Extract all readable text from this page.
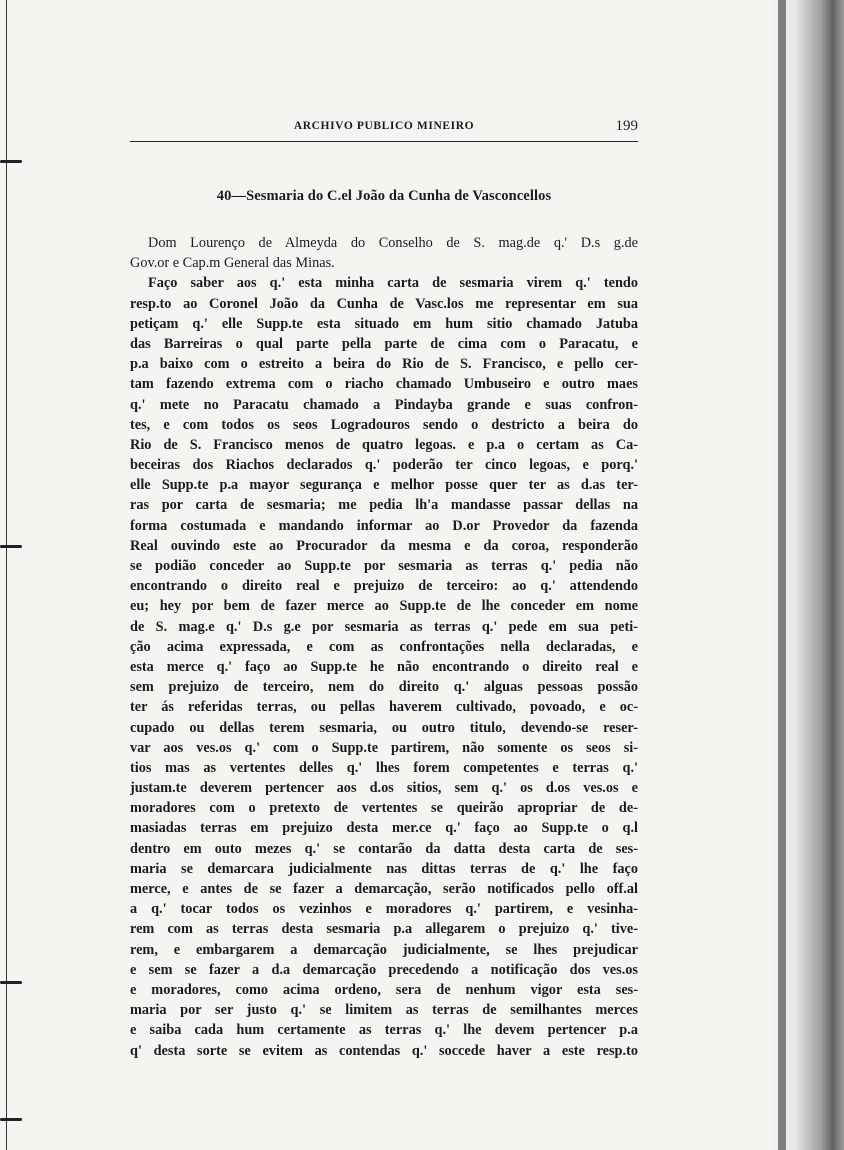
ARCHIVO PUBLICO MINEIRO	199
40—Sesmaria do C.el João da Cunha de Vasconcellos
Dom Lourenço de Almeyda do Conselho de S. mag.de q.' D.s g.de
Gov.or e Cap.m General das Minas.
Faço saber aos q.' esta minha carta de sesmaria virem q.' tendo
resp.to ao Coronel João da Cunha de Vasc.los me representar em sua
petiçam q.' elle Supp.te esta situado em hum sitio chamado Jatuba
das Barreiras o qual parte pella parte de cima com o Paracatu, e
p.a baixo com o estreito a beira do Rio de S. Francisco, e pello cer-
tam fazendo extrema com o riacho chamado Umbuseiro e outro maes
q.' mete no Paracatu chamado a Pindayba grande e suas confron-
tes, e com todos os seos Logradouros sendo o destricto a beira do
Rio de S. Francisco menos de quatro legoas. e p.a o certam as Ca-
beceiras dos Riachos declarados q.' poderão ter cinco legoas, e porq.'
elle Supp.te p.a mayor segurança e melhor posse quer ter as d.as ter-
ras por carta de sesmaria; me pedia lh'a mandasse passar dellas na
forma costumada e mandando informar ao D.or Provedor da fazenda
Real ouvindo este ao Procurador da mesma e da coroa, responderão
se podião conceder ao Supp.te por sesmaria as terras q.' pedia não
encontrando o direito real e prejuizo de terceiro: ao q.' attendendo
eu; hey por bem de fazer merce ao Supp.te de lhe conceder em nome
de S. mag.e q.' D.s g.e por sesmaria as terras q.' pede em sua peti-
ção acima expressada, e com as confrontações nella declaradas, e
esta merce q.' faço ao Supp.te he não encontrando o direito real e
sem prejuizo de terceiro, nem do direito q.' alguas pessoas possão
ter ás referidas terras, ou pellas haverem cultivado, povoado, e oc-
cupado ou dellas terem sesmaria, ou outro titulo, devendo-se reser-
var aos ves.os q.' com o Supp.te partirem, não somente os seos si-
tios mas as vertentes delles q.' lhes forem competentes e terras q.'
justam.te deverem pertencer aos d.os sitios, sem q.' os d.os ves.os e
moradores com o pretexto de vertentes se queirão apropriar de de-
masiadas terras em prejuizo desta mer.ce q.' faço ao Supp.te o q.l
dentro em outo mezes q.' se contarão da datta desta carta de ses-
maria se demarcara judicialmente nas dittas terras de q.' lhe faço
merce, e antes de se fazer a demarcação, serão notificados pello off.al
a q.' tocar todos os vezinhos e moradores q.' partirem, e vesinha-
rem com as terras desta sesmaria p.a allegarem o prejuizo q.' tive-
rem, e embargarem a demarcação judicialmente, se lhes prejudicar
e sem se fazer a d.a demarcação precedendo a notificação dos ves.os
e moradores, como acima ordeno, sera de nenhum vigor esta ses-
maria por ser justo q.' se limitem as terras de semilhantes merces
e saiba cada hum certamente as terras q.' lhe devem pertencer p.a
q' desta sorte se evitem as contendas q.' soccede haver a este resp.to
